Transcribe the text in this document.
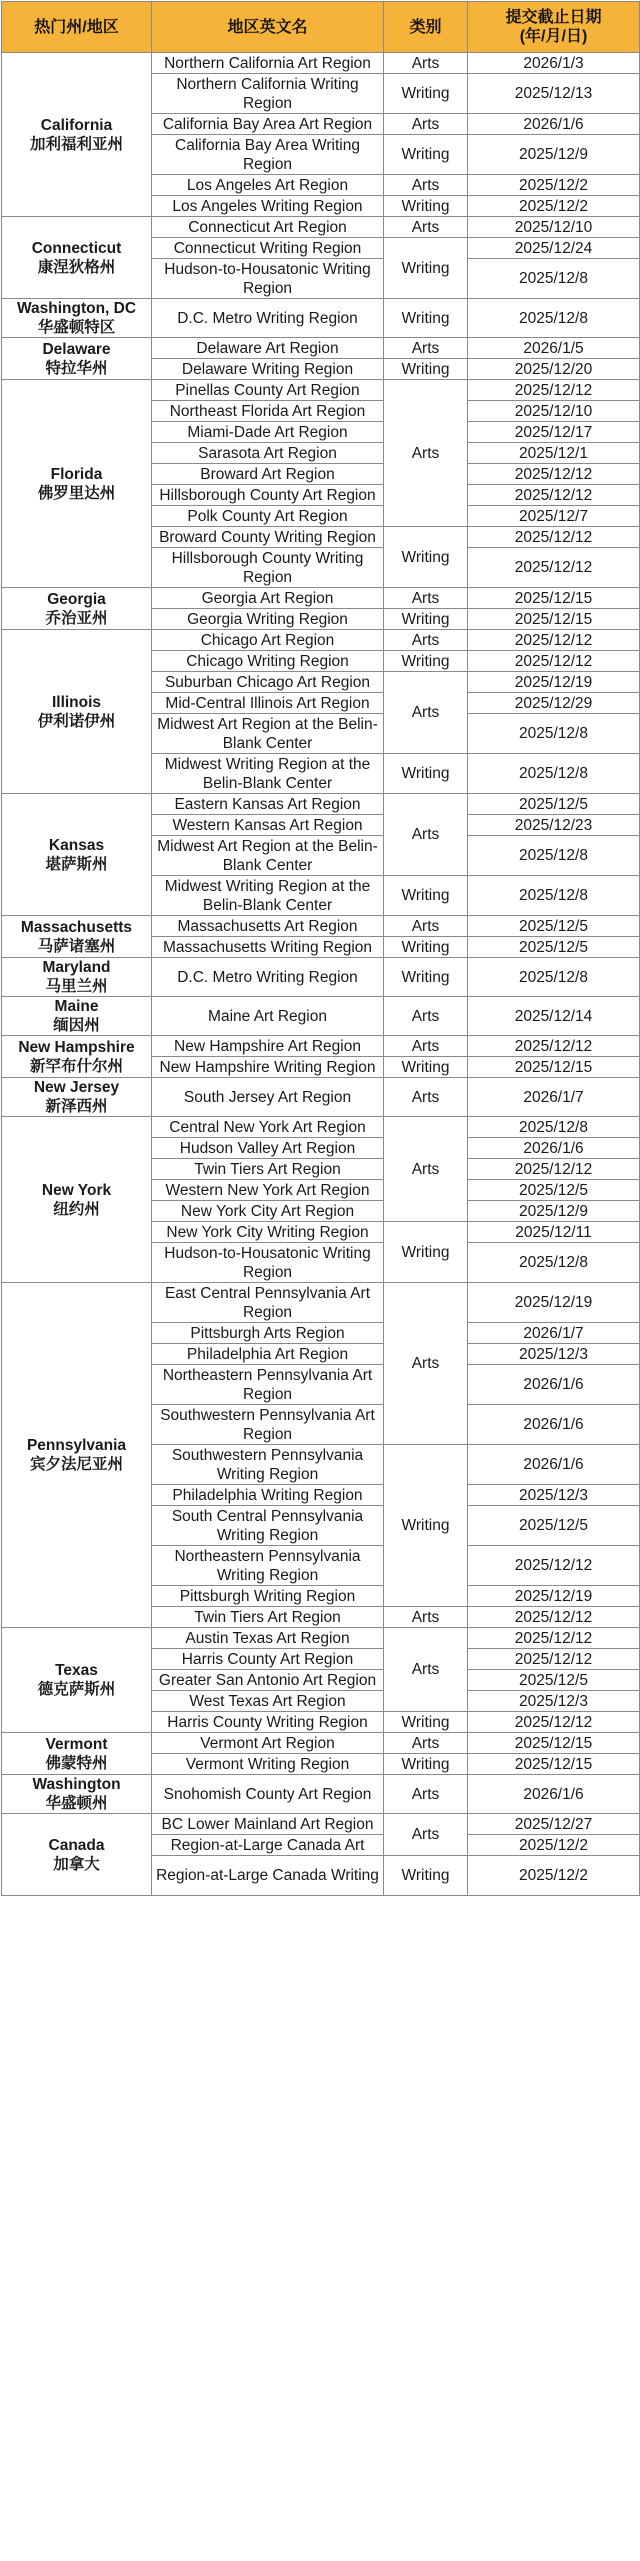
热门州/地区	地区英文名	类别	提交截止日期
(年/月/日)

California
加利福利亚州	Northern California Art Region	Arts	2026/1/3
	Northern California Writing Region	Writing	2025/12/13
	California Bay Area Art Region	Arts	2026/1/6
	California Bay Area Writing Region	Writing	2025/12/9
	Los Angeles Art Region	Arts	2025/12/2
	Los Angeles Writing Region	Writing	2025/12/2

Connecticut
康涅狄格州	Connecticut Art Region	Arts	2025/12/10
	Connecticut Writing Region	Writing	2025/12/24
	Hudson-to-Housatonic Writing Region		2025/12/8

Washington, DC
华盛顿特区	D.C. Metro Writing Region	Writing	2025/12/8

Delaware
特拉华州	Delaware Art Region	Arts	2026/1/5
	Delaware Writing Region	Writing	2025/12/20

Florida
佛罗里达州	Pinellas County Art Region	Arts	2025/12/12
	Northeast Florida Art Region		2025/12/10
	Miami-Dade Art Region		2025/12/17
	Sarasota Art Region		2025/12/1
	Broward Art Region		2025/12/12
	Hillsborough County Art Region		2025/12/12
	Polk County Art Region		2025/12/7
	Broward County Writing Region	Writing	2025/12/12
	Hillsborough County Writing Region		2025/12/12

Georgia
乔治亚州	Georgia Art Region	Arts	2025/12/15
	Georgia Writing Region	Writing	2025/12/15

Illinois
伊利诺伊州	Chicago Art Region	Arts	2025/12/12
	Chicago Writing Region	Writing	2025/12/12
	Suburban Chicago Art Region	Arts	2025/12/19
	Mid-Central Illinois Art Region		2025/12/29
	Midwest Art Region at the Belin-Blank Center		2025/12/8
	Midwest Writing Region at the Belin-Blank Center	Writing	2025/12/8

Kansas
堪萨斯州	Eastern Kansas Art Region	Arts	2025/12/5
	Western Kansas Art Region		2025/12/23
	Midwest Art Region at the Belin-Blank Center		2025/12/8
	Midwest Writing Region at the Belin-Blank Center	Writing	2025/12/8

Massachusetts
马萨诸塞州	Massachusetts Art Region	Arts	2025/12/5
	Massachusetts Writing Region	Writing	2025/12/5

Maryland
马里兰州	D.C. Metro Writing Region	Writing	2025/12/8

Maine
缅因州	Maine Art Region	Arts	2025/12/14

New Hampshire
新罕布什尔州	New Hampshire Art Region	Arts	2025/12/12
	New Hampshire Writing Region	Writing	2025/12/15

New Jersey
新泽西州	South Jersey Art Region	Arts	2026/1/7

New York
纽约州	Central New York Art Region	Arts	2025/12/8
	Hudson Valley Art Region		2026/1/6
	Twin Tiers Art Region		2025/12/12
	Western New York Art Region		2025/12/5
	New York City Art Region		2025/12/9
	New York City Writing Region	Writing	2025/12/11
	Hudson-to-Housatonic Writing Region		2025/12/8

Pennsylvania
宾夕法尼亚州	East Central Pennsylvania Art Region	Arts	2025/12/19
	Pittsburgh Arts Region		2026/1/7
	Philadelphia Art Region		2025/12/3
	Northeastern Pennsylvania Art Region		2026/1/6
	Southwestern Pennsylvania Art Region		2026/1/6
	Southwestern Pennsylvania Writing Region	Writing	2026/1/6
	Philadelphia Writing Region		2025/12/3
	South Central Pennsylvania Writing Region		2025/12/5
	Northeastern Pennsylvania Writing Region		2025/12/12
	Pittsburgh Writing Region		2025/12/19
	Twin Tiers Art Region	Arts	2025/12/12

Texas
德克萨斯州	Austin Texas Art Region	Arts	2025/12/12
	Harris County Art Region		2025/12/12
	Greater San Antonio Art Region		2025/12/5
	West Texas Art Region		2025/12/3
	Harris County Writing Region	Writing	2025/12/12

Vermont
佛蒙特州	Vermont Art Region	Arts	2025/12/15
	Vermont Writing Region	Writing	2025/12/15

Washington
华盛顿州	Snohomish County Art Region	Arts	2026/1/6

Canada
加拿大	BC Lower Mainland Art Region	Arts	2025/12/27
	Region-at-Large Canada Art		2025/12/2
	Region-at-Large Canada Writing	Writing	2025/12/2
